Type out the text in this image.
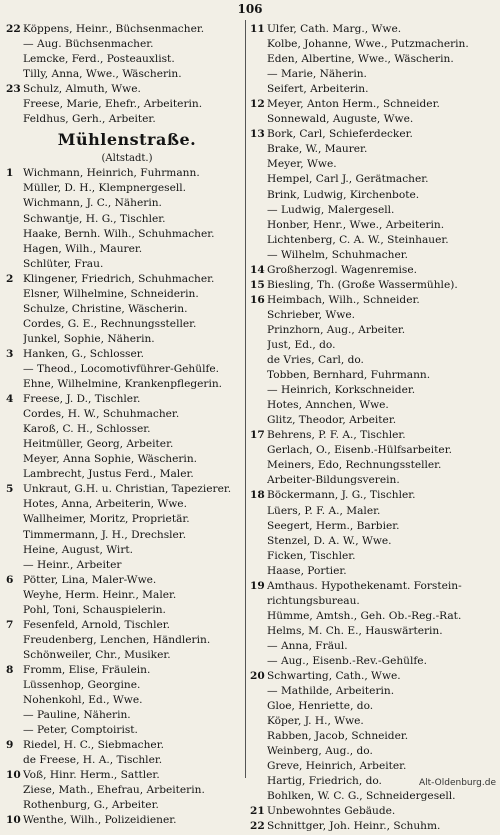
106
22 Köppens, Heinr., Büchsenmacher.
— Aug. Büchsenmacher.
Lemcke, Ferd., Posteauxlist.
Tilly, Anna, Wwe., Wäscherin.
23 Schulz, Almuth, Wwe.
Freese, Marie, Ehefr., Arbeiterin.
Feldhus, Gerh., Arbeiter.
Mühlenstraße.
(Altstadt.)
1 Wichmann, Heinrich, Fuhrmann.
Müller, D. H., Klempnergesell.
Wichmann, J. C., Näherin.
Schwantje, H. G., Tischler.
Haake, Bernh. Wilh., Schuhmacher.
Hagen, Wilh., Maurer.
Schlüter, Frau.
2 Klingener, Friedrich, Schuhmacher.
Elsner, Wilhelmine, Schneiderin.
Schulze, Christine, Wäscherin.
Cordes, G. E., Rechnungssteller.
Junkel, Sophie, Näherin.
3 Hanken, G., Schlosser.
— Theod., Locomotivführer-Gehülfe.
Ehne, Wilhelmine, Krankenpflegerin.
4 Freese, J. D., Tischler.
Cordes, H. W., Schuhmacher.
Karoß, C. H., Schlosser.
Heitmüller, Georg, Arbeiter.
Meyer, Anna Sophie, Wäscherin.
Lambrecht, Justus Ferd., Maler.
5 Unkraut, G.H. u. Christian, Tapezierer.
Hotes, Anna, Arbeiterin, Wwe.
Wallheimer, Moritz, Proprietär.
Timmermann, J. H., Drechsler.
Heine, August, Wirt.
— Heinr., Arbeiter
6 Pötter, Lina, Maler-Wwe.
Weyhe, Herm. Heinr., Maler.
Pohl, Toni, Schauspielerin.
7 Fesenfeld, Arnold, Tischler.
Freudenberg, Lenchen, Händlerin.
Schönweiler, Chr., Musiker.
8 Fromm, Elise, Fräulein.
Lüssenhop, Georgine.
Nohenkohl, Ed., Wwe.
— Pauline, Näherin.
— Peter, Comptoirist.
9 Riedel, H. C., Siebmacher.
de Freese, H. A., Tischler.
10 Voß, Hinr. Herm., Sattler.
Ziese, Math., Ehefrau, Arbeiterin.
Rothenburg, G., Arbeiter.
10 Wenthe, Wilh., Polizeidiener.
11 Ulfer, Cath. Marg., Wwe.
Kolbe, Johanne, Wwe., Putzmacherin.
Eden, Albertine, Wwe., Wäscherin.
— Marie, Näherin.
Seifert, Arbeiterin.
12 Meyer, Anton Herm., Schneider.
Sonnewald, Auguste, Wwe.
13 Bork, Carl, Schieferdecker.
Brake, W., Maurer.
Meyer, Wwe.
Hempel, Carl J., Gerätmacher.
Brink, Ludwig, Kirchenbote.
— Ludwig, Malergesell.
Honber, Henr., Wwe., Arbeiterin.
Lichtenberg, C. A. W., Steinhauer.
— Wilhelm, Schuhmacher.
14 Großherzogl. Wagenremise.
15 Biesling, Th. (Große Wassermühle).
16 Heimbach, Wilh., Schneider.
Schrieber, Wwe.
Prinzhorn, Aug., Arbeiter.
Just, Ed., do.
de Vries, Carl, do.
Tobben, Bernhard, Fuhrmann.
— Heinrich, Korkschneider.
Hotes, Annchen, Wwe.
Glitz, Theodor, Arbeiter.
17 Behrens, P. F. A., Tischler.
Gerlach, O., Eisenb.-Hülfsarbeiter.
Meiners, Edo, Rechnungssteller.
Arbeiter-Bildungsverein.
18 Böckermann, J. G., Tischler.
Lüers, P. F. A., Maler.
Seegert, Herm., Barbier.
Stenzel, D. A. W., Wwe.
Ficken, Tischler.
Haase, Portier.
19 Amthaus. Hypothekenamt. Forstein-
richtungsbureau.
Hümme, Amtsh., Geh. Ob.-Reg.-Rat.
Helms, M. Ch. E., Hauswärterin.
— Anna, Fräul.
— Aug., Eisenb.-Rev.-Gehülfe.
20 Schwarting, Cath., Wwe.
— Mathilde, Arbeiterin.
Gloe, Henriette, do.
Köper, J. H., Wwe.
Rabben, Jacob, Schneider.
Weinberg, Aug., do.
Greve, Heinrich, Arbeiter.
Hartig, Friedrich, do.
Bohlken, W. C. G., Schneidergesell.
21 Unbewohntes Gebäude.
22 Schnittger, Joh. Heinr., Schuhm.
Alt-Oldenburg.de
